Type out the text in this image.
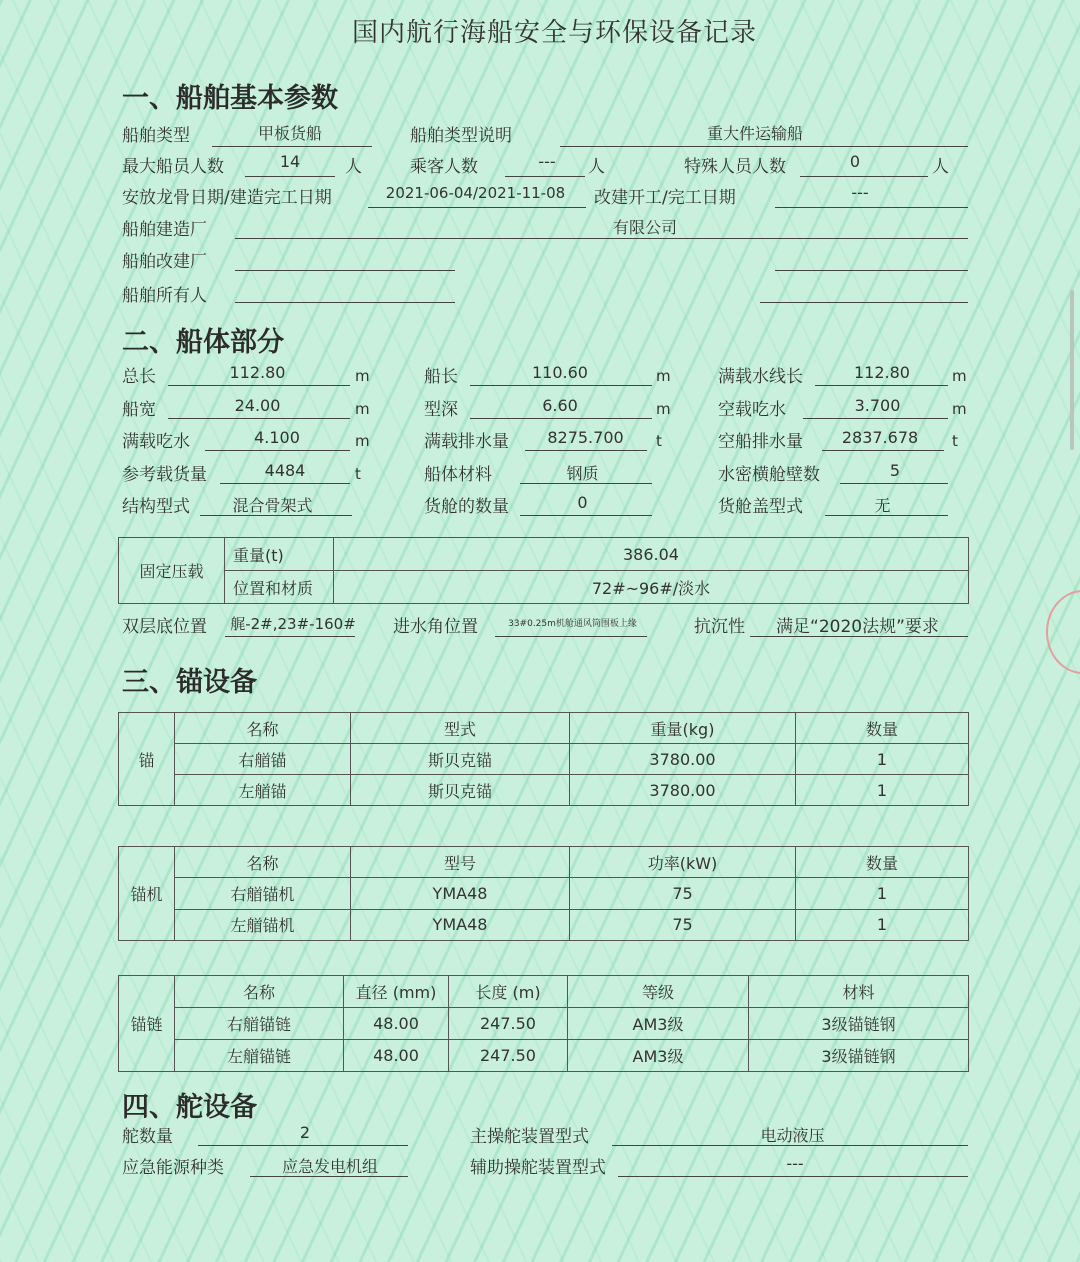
国内航行海船安全与环保设备记录
一、船舶基本参数
船舶类型	甲板货船	船舶类型说明	重大件运输船
最大船员人数	14	人	乘客人数	---	人	特殊人员人数	0	人
安放龙骨日期/建造完工日期	2021-06-04/2021-11-08	改建开工/完工日期	---
船舶建造厂	有限公司
船舶改建厂
船舶所有人
二、船体部分
总长	112.80	m	船长	110.60	m	满载水线长	112.80	m
船宽	24.00	m	型深	6.60	m	空载吃水	3.700	m
满载吃水	4.100	m	满载排水量	8275.700	t	空船排水量	2837.678	t
参考载货量	4484	t	船体材料	钢质	水密横舱壁数	5
结构型式	混合骨架式	货舱的数量	0	货舱盖型式	无
固定压载	重量(t)	386.04
	位置和材质	72#~96#/淡水
双层底位置 艉-2#,23#-160# 进水角位置	33#0.25m机舱通风筒围板上缘	抗沉性	满足“2020法规”要求
三、锚设备
锚	名称	型式	重量(kg)	数量
	右艏锚	斯贝克锚	3780.00	1
	左艏锚	斯贝克锚	3780.00	1
锚机	名称	型号	功率(kW)	数量
	右艏锚机	YMA48	75	1
	左艏锚机	YMA48	75	1
锚链	名称	直径 (mm)	长度 (m)	等级	材料
	右艏锚链	48.00	247.50	AM3级	3级锚链钢
	左艏锚链	48.00	247.50	AM3级	3级锚链钢
四、舵设备
舵数量	2	主操舵装置型式	电动液压
应急能源种类	应急发电机组	辅助操舵装置型式	---
